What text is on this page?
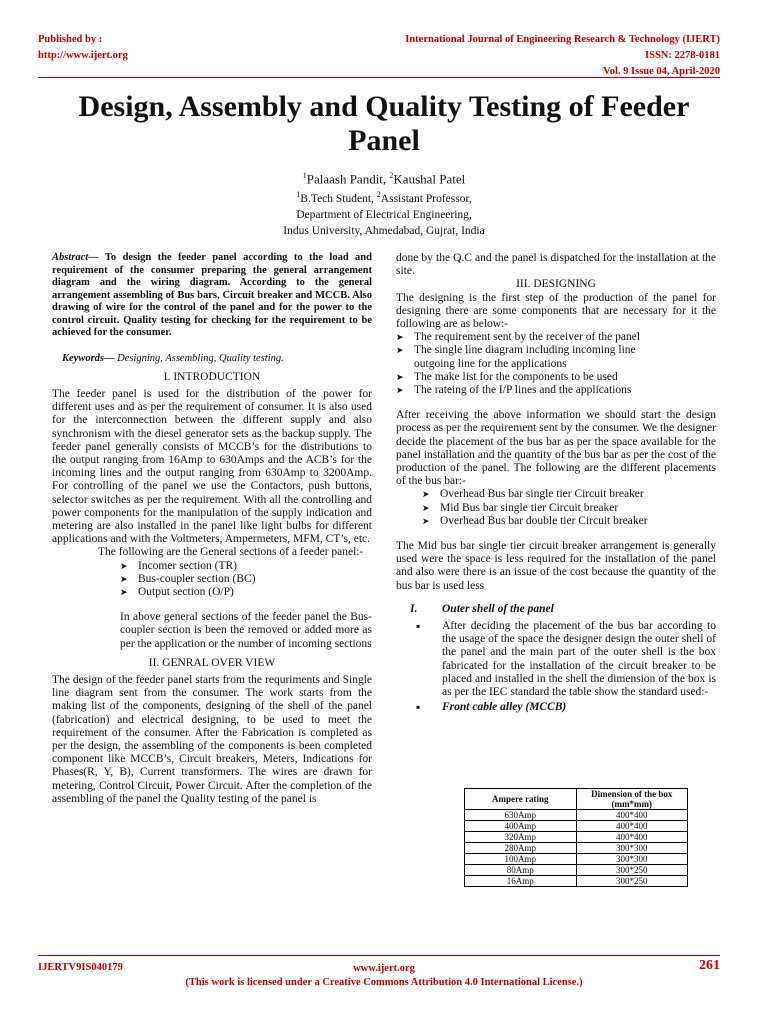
Published by :
http://www.ijert.org
International Journal of Engineering Research & Technology (IJERT)
ISSN: 2278-0181
Vol. 9 Issue 04, April-2020
Design, Assembly and Quality Testing of Feeder Panel
$^1$Palaash Pandit, $^2$Kaushal Patel
$^1$B.Tech Student, $^2$Assistant Professor,
Department of Electrical Engineering,
Indus University, Ahmedabad, Gujrat, India

Abstract— To design the feeder panel according to the load and requirement of the consumer preparing the general arrangement diagram and the wiring diagram. According to the general arrangement assembling of Bus bars, Circuit breaker and MCCB. Also drawing of wire for the control of the panel and for the power to the control circuit. Quality testing for checking for the requirement to be achieved for the consumer.

Keywords— Designing, Assembling, Quality testing.

I. INTRODUCTION

The feeder panel is used for the distribution of the power for different uses and as per the requirement of consumer. It is also used for the interconnection between the different supply and also synchronism with the diesel generator sets as the backup supply. The feeder panel generally consists of MCCB’s for the distributions to the output ranging from 16Amp to 630Amps and the ACB’s for the incoming lines and the output ranging from 630Amp to 3200Amp. For controlling of the panel we use the Contactors, push buttons, selector switches as per the requirement. With all the controlling and power components for the manipulation of the supply indication and metering are also installed in the panel like light bulbs for different applications and with the Voltmeters, Ampermeters, MFM, CT’s, etc.

The following are the General sections of a feeder panel:-

➤ Incomer section (TR)
➤ Bus-coupler section (BC)
➤ Output section (O/P)

In above general sections of the feeder panel the Bus-coupler section is been the removed or added more as per the application or the number of incoming sections

II. GENRAL OVER VIEW

The design of the feeder panel starts from the requriments and Single line diagram sent from the consumer. The work starts from the making list of the components, designing of the shell of the panel (fabrication) and electrical designing, to be used to meet the requirement of the consumer. After the Fabrication is completed as per the design, the assembling of the components is been completed component like MCCB’s, Circuit breakers, Meters, Indications for Phases(R, Y, B), Current transformers. The wires are drawn for metering, Control Circuit, Power Circuit. After the completion of the assembling of the panel the Quality testing of the panel is

done by the Q.C and the panel is dispatched for the installation at the site.

III. DESIGNING

The designing is the first step of the production of the panel for designing there are some components that are necessary for it the following are as below:-

➤ The requirement sent by the receiver of the panel
➤ The single line diagram including incoming line outgoing line for the applications
➤ The make list for the components to be used
➤ The rateing of the I/P lines and the applications

After receiving the above information we should start the design process as per the requirement sent by the consumer. We the designer decide the placement of the bus bar as per the space available for the panel installation and the quantity of the bus bar as per the cost of the production of the panel. The following are the different placements of the bus bar:-

➤ Overhead Bus bar single tier Circuit breaker
➤ Mid Bus bar single tier Circuit breaker
➤ Overhead Bus bar double tier Circuit breaker

The Mid bus bar single tier circuit breaker arrangement is generally used were the space is less required for the installation of the panel and also were there is an issue of the cost because the quantity of the bus bar is used less

I. Outer shell of the panel
▪ After deciding the placement of the bus bar according to the usage of the space the designer design the outer shell of the panel and the main part of the outer shell is the box fabricated for the installation of the circuit breaker to be placed and installed in the shell the dimension of the box is as per the IEC standard the table show the standard used:-
▪ Front cable alley (MCCB)
Ampere rating	Dimension of the box (mm*mm)
630Amp	400*400
400Amp	400*400
320Amp	400*400
280Amp	300*300
100Amp	300*300
80Amp	300*250
16Amp	300*250
IJERTV9IS040179	www.ijert.org
(This work is licensed under a Creative Commons Attribution 4.0 International License.)
261
